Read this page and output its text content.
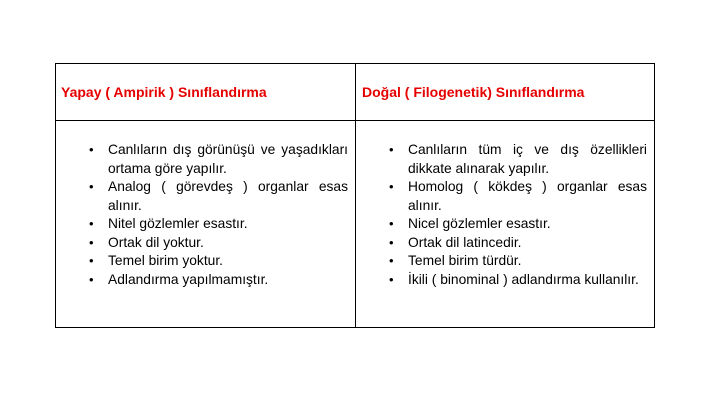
Yapay ( Ampirik ) Sınıflandırma	Doğal ( Filogenetik) Sınıflandırma
• Canlıların dış görünüşü ve yaşadıkları ortama göre yapılır.
• Analog ( görevdeş ) organlar esas alınır.
• Nitel gözlemler esastır.
• Ortak dil yoktur.
• Temel birim yoktur.
• Adlandırma yapılmamıştır.
• Canlıların tüm iç ve dış özellikleri dikkate alınarak yapılır.
• Homolog ( kökdeş ) organlar esas alınır.
• Nicel gözlemler esastır.
• Ortak dil latincedir.
• Temel birim türdür.
• İkili ( binominal ) adlandırma kullanılır.
